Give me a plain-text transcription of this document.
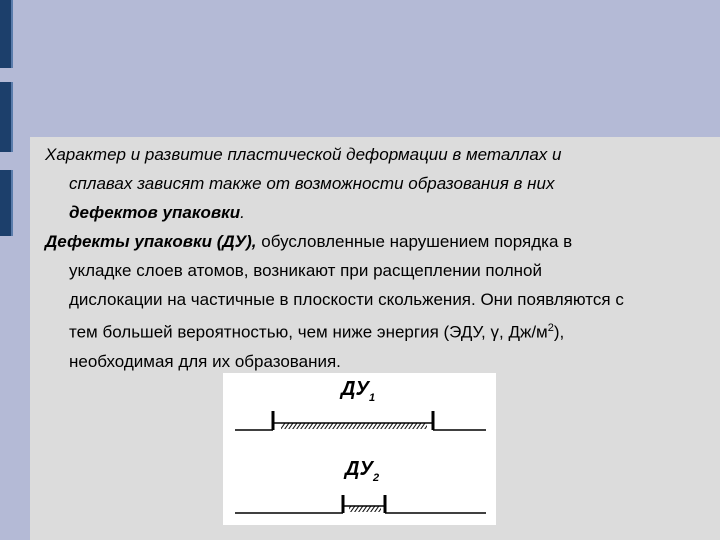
Характер и развитие пластической деформации в металлах и
сплавах зависят также от возможности образования в них
дефектов упаковки.

Дефекты упаковки (ДУ), обусловленные нарушением порядка в
укладке слоев атомов, возникают при расщеплении полной
дислокации на частичные в плоскости скольжения. Они появляются с
тем большей вероятностью, чем ниже энергия (ЭДУ, γ, $Дж/м^2$),
необходимая для их образования.

ДУ 1
ДУ 2
